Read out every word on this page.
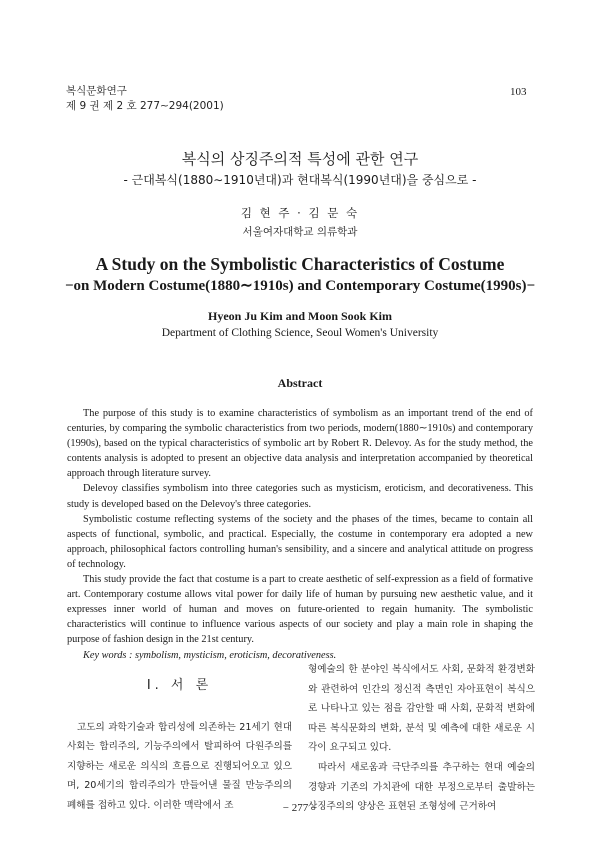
복식문화연구
제 9 권 제 2 호 277∼294(2001)
103
복식의 상징주의적 특성에 관한 연구
- 근대복식(1880∼1910년대)과 현대복식(1990년대)을 중심으로 -
김 현 주 · 김 문 숙
서울여자대학교 의류학과
A Study on the Symbolistic Characteristics of Costume
−on Modern Costume(1880∼1910s) and Contemporary Costume(1990s)−
Hyeon Ju Kim and Moon Sook Kim
Department of Clothing Science, Seoul Women's University
Abstract

The purpose of this study is to examine characteristics of symbolism as an important trend of the end of centuries, by comparing the symbolic characteristics from two periods, modern(1880∼1910s) and contemporary (1990s), based on the typical characteristics of symbolic art by Robert R. Delevoy. As for the study method, the contents analysis is adopted to present an objective data analysis and interpretation accompanied by theoretical approach through literature survey.

Delevoy classifies symbolism into three categories such as mysticism, eroticism, and decorativeness. This study is developed based on the Delevoy's three categories.

Symbolistic costume reflecting systems of the society and the phases of the times, became to contain all aspects of functional, symbolic, and practical. Especially, the costume in contemporary era adopted a new approach, philosophical factors controlling human's sensibility, and a sincere and analytical attitude on progress of technology.

This study provide the fact that costume is a part to create aesthetic of self-expression as a field of formative art. Contemporary costume allows vital power for daily life of human by pursuing new aesthetic value, and it expresses inner world of human and moves on future-oriented to regain humanity. The symbolistic characteristics will continue to influence various aspects of our society and play a main role in shaping the purpose of fashion design in the 21st century.

Key words : symbolism, mysticism, eroticism, decorativeness.

Ⅰ. 서 론

고도의 과학기술과 합리성에 의존하는 21세기 현대사회는 합리주의, 기능주의에서 탈피하여 다원주의를 지향하는 새로운 의식의 흐름으로 진행되어오고 있으며, 20세기의 합리주의가 만들어낸 물질 만능주의의 폐해를 접하고 있다. 이러한 맥락에서 조

형예술의 한 분야인 복식에서도 사회, 문화적 환경변화와 관련하여 인간의 정신적 측면인 자아표현이 복식으로 나타나고 있는 점을 감안할 때 사회, 문화적 변화에 따른 복식문화의 변화, 분석 및 예측에 대한 새로운 시각이 요구되고 있다.

따라서 새로움과 극단주의를 추구하는 현대 예술의 경향과 기존의 가치관에 대한 부정으로부터 출발하는 상징주의의 양상은 표현된 조형성에 근거하여

− 277 −
